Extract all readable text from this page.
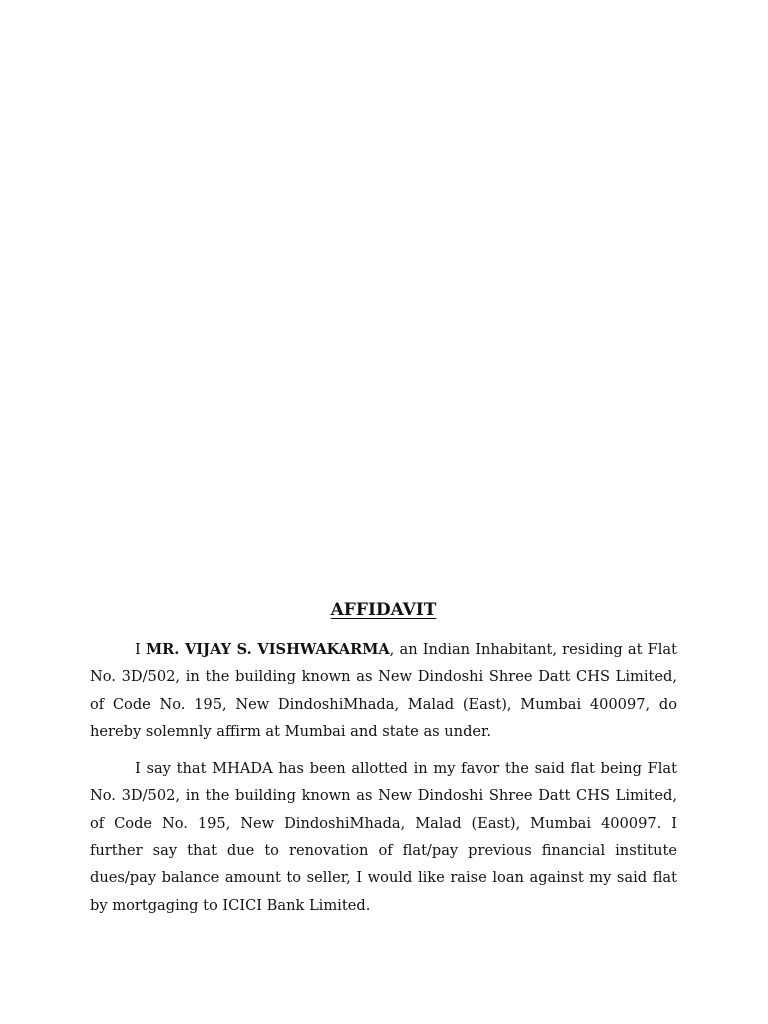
AFFIDAVIT

I MR. VIJAY S. VISHWAKARMA, an Indian Inhabitant, residing at Flat No. 3D/502, in the building known as New Dindoshi Shree Datt CHS Limited, of Code No. 195, New DindoshiMhada, Malad (East), Mumbai 400097, do hereby solemnly affirm at Mumbai and state as under.

I say that MHADA has been allotted in my favor the said flat being Flat No. 3D/502, in the building known as New Dindoshi Shree Datt CHS Limited, of Code No. 195, New DindoshiMhada, Malad (East), Mumbai 400097. I further say that due to renovation of flat/pay previous financial institute dues/pay balance amount to seller, I would like raise loan against my said flat by mortgaging to ICICI Bank Limited.
